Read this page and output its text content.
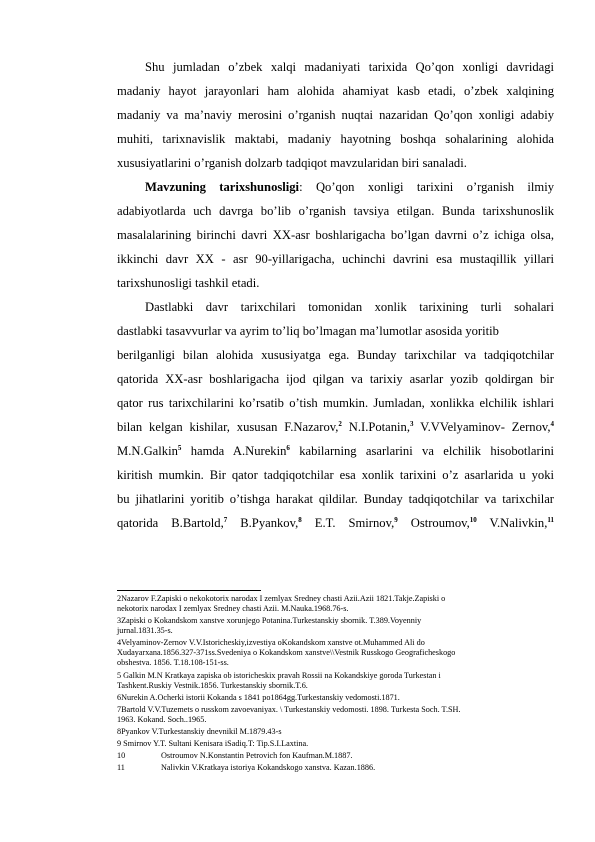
Shu jumladan o’zbek xalqi madaniyati tarixida Qo’qon xonligi davridagi
madaniy hayot jarayonlari ham alohida ahamiyat kasb etadi, o’zbek xalqining
madaniy va ma’naviy merosini o’rganish nuqtai nazaridan Qo’qon xonligi adabiy
muhiti, tarixnavislik maktabi, madaniy hayotning boshqa sohalarining alohida
xususiyatlarini o’rganish dolzarb tadqiqot mavzularidan biri sanaladi.
Mavzuning tarixshunosligi: Qo’qon xonligi tarixini o’rganish ilmiy
adabiyotlarda uch davrga bo’lib o’rganish tavsiya etilgan. Bunda tarixshunoslik
masalalarining birinchi davri XX-asr boshlarigacha bo’lgan davrni o’z ichiga olsa,
ikkinchi davr XX - asr 90-yillarigacha, uchinchi davrini esa mustaqillik yillari
tarixshunosligi tashkil etadi.
Dastlabki davr tarixchilari tomonidan xonlik tarixining turli sohalari
dastlabki tasavvurlar va ayrim to’liq bo’lmagan ma’lumotlar asosida yoritib
berilganligi bilan alohida xususiyatga ega. Bunday tarixchilar va tadqiqotchilar
qatorida XX-asr boshlarigacha ijod qilgan va tarixiy asarlar yozib qoldirgan bir
qator rus tarixchilarini ko’rsatib o’tish mumkin. Jumladan, xonlikka elchilik ishlari
bilan kelgan kishilar, xususan F.Nazarov,$^2$ N.I.Potanin,$^3$ V.VVelyaminov- Zernov,$^4$
M.N.Galkin$^5$ hamda A.Nurekin$^6$ kabilarning asarlarini va elchilik hisobotlarini
kiritish mumkin. Bir qator tadqiqotchilar esa xonlik tarixini o’z asarlarida u yoki
bu jihatlarini yoritib o’tishga harakat qildilar. Bunday tadqiqotchilar va tarixchilar
qatorida B.Bartold,$^7$ B.Pyankov,$^8$ E.T. Smirnov,$^9$ Ostroumov,$^{10}$ V.Nalivkin,$^{11}$
2Nazarov F.Zapiski o nekokotorix narodax I zemlyax Sredney chasti Azii.Azii 1821.Takje.Zapiski o
nekotorix narodax I zemlyax Sredney chasti Azii. M.Nauka.1968.76-s.
3Zapiski o Kokandskom xanstve xorunjego Potanina.Turkestanskiy sbornik. T.389.Voyenniy
jurnal.1831.35-s.
4Velyaminov-Zernov V.V.Istoricheskiy,izvestiya oKokandskom xanstve ot.Muhammed Ali do
Xudayarxana.1856.327-371ss.Svedeniya o Kokandskom xanstve\\Vestnik Russkogo Geograficheskogo
obshestva. 1856. T.18.108-151-ss.
5 Galkin M.N Kratkaya zapiska ob istoricheskix pravah Rossii na Kokandskiye goroda Turkestan i
Tashkent.Ruskiy Vestnik.1856. Turkestanskiy sbornik.T.6.
6Nurekin A.Ocherki istorii Kokanda s 1841 po1864gg.Turkestanskiy vedomosti.1871.
7Bartold V.V.Tuzemets o russkom zavoevaniyax. \ Turkestanskiy vedomosti. 1898. Turkesta Soch. T.SH.
1963. Kokand. Soch..1965.
8Pyankov V.Turkestanskiy dnevnikil M.1879.43-s
9 Smirnov Y.T. Sultani Kenisara iSadiq.T: Tip.S.I.Laxtina.
10	Ostroumov N.Konstantin Petrovich fon Kaufman.M.1887.
11	Nalivkin V.Kratkaya istoriya Kokandskogo xanstva. Kazan.1886.
